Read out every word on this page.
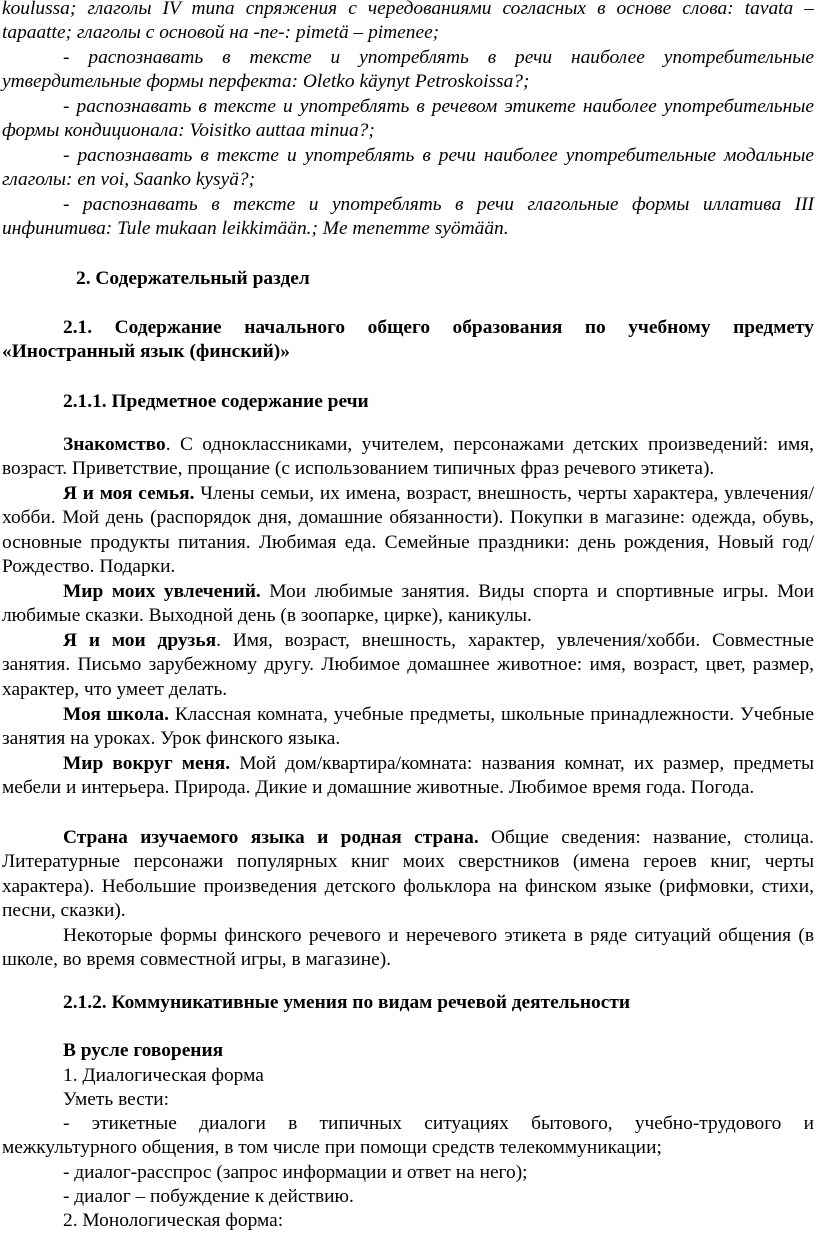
koulussa; глаголы IV типа спряжения с чередованиями согласных в основе слова: tavata – tapaatte; глаголы с основой на -ne-: pimetä – pimenee;

- распознавать в тексте и употреблять в речи наиболее употребительные утвердительные формы перфекта: Oletko käynyt Petroskoissa?;

- распознавать в тексте и употреблять в речевом этикете наиболее употребительные формы кондиционала: Voisitko auttaa minua?;

- распознавать в тексте и употреблять в речи наиболее употребительные модальные глаголы: en voi, Saanko kysyä?;

- распознавать в тексте и употреблять в речи глагольные формы иллатива III инфинитива: Tule mukaan leikkimään.; Me menemme syömään.

2. Содержательный раздел

2.1. Содержание начального общего образования по учебному предмету «Иностранный язык (финский)»

2.1.1. Предметное содержание речи

Знакомство. С одноклассниками, учителем, персонажами детских произведений: имя, возраст. Приветствие, прощание (с использованием типичных фраз речевого этикета).

Я и моя семья. Члены семьи, их имена, возраст, внешность, черты характера, увлечения/хобби. Мой день (распорядок дня, домашние обязанности). Покупки в магазине: одежда, обувь, основные продукты питания. Любимая еда. Семейные праздники: день рождения, Новый год/Рождество. Подарки.

Мир моих увлечений. Мои любимые занятия. Виды спорта и спортивные игры. Мои любимые сказки. Выходной день (в зоопарке, цирке), каникулы.

Я и мои друзья. Имя, возраст, внешность, характер, увлечения/хобби. Совместные занятия. Письмо зарубежному другу. Любимое домашнее животное: имя, возраст, цвет, размер, характер, что умеет делать.

Моя школа. Классная комната, учебные предметы, школьные принадлежности. Учебные занятия на уроках. Урок финского языка.

Мир вокруг меня. Мой дом/квартира/комната: названия комнат, их размер, предметы мебели и интерьера. Природа. Дикие и домашние животные. Любимое время года. Погода.

Страна изучаемого языка и родная страна. Общие сведения: название, столица. Литературные персонажи популярных книг моих сверстников (имена героев книг, черты характера). Небольшие произведения детского фольклора на финском языке (рифмовки, стихи, песни, сказки).

Некоторые формы финского речевого и неречевого этикета в ряде ситуаций общения (в школе, во время совместной игры, в магазине).

2.1.2. Коммуникативные умения по видам речевой деятельности

В русле говорения

1. Диалогическая форма

Уметь вести:

- этикетные диалоги в типичных ситуациях бытового, учебно-трудового и межкультурного общения, в том числе при помощи средств телекоммуникации;

- диалог-расспрос (запрос информации и ответ на него);

- диалог – побуждение к действию.

2. Монологическая форма:
